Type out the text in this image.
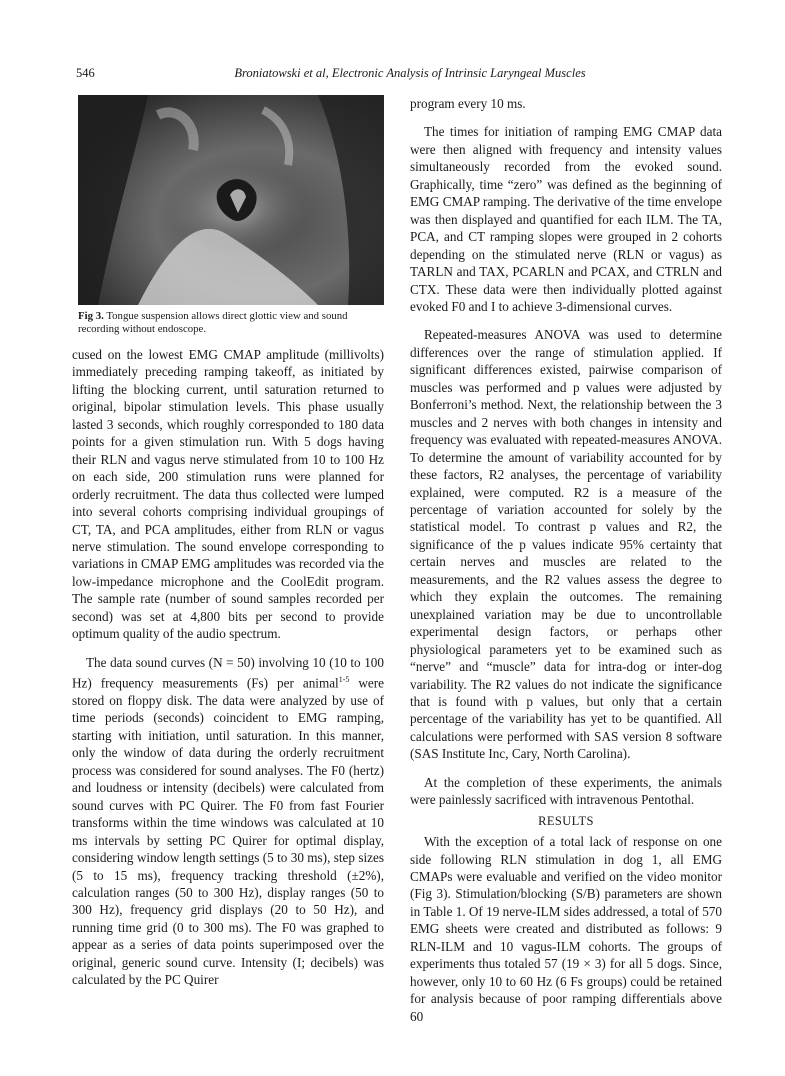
546	Broniatowski et al, Electronic Analysis of Intrinsic Laryngeal Muscles

Fig 3. Tongue suspension allows direct glottic view and sound recording without endoscope.

cused on the lowest EMG CMAP amplitude (millivolts) immediately preceding ramping takeoff, as initiated by lifting the blocking current, until saturation returned to original, bipolar stimulation levels. This phase usually lasted 3 seconds, which roughly corresponded to 180 data points for a given stimulation run. With 5 dogs having their RLN and vagus nerve stimulated from 10 to 100 Hz on each side, 200 stimulation runs were planned for orderly recruitment. The data thus collected were lumped into several cohorts comprising individual groupings of CT, TA, and PCA amplitudes, either from RLN or vagus nerve stimulation. The sound envelope corresponding to variations in CMAP EMG amplitudes was recorded via the low-impedance microphone and the CoolEdit program. The sample rate (number of sound samples recorded per second) was set at 4,800 bits per second to provide optimum quality of the audio spectrum.

The data sound curves (N = 50) involving 10 (10 to 100 Hz) frequency measurements (Fs) per animal$^{1-5}$ were stored on floppy disk. The data were analyzed by use of time periods (seconds) coincident to EMG ramping, starting with initiation, until saturation. In this manner, only the window of data during the orderly recruitment process was considered for sound analyses. The F0 (hertz) and loudness or intensity (decibels) were calculated from sound curves with PC Quirer. The F0 from fast Fourier transforms within the time windows was calculated at 10 ms intervals by setting PC Quirer for optimal display, considering window length settings (5 to 30 ms), step sizes (5 to 15 ms), frequency tracking threshold (±2%), calculation ranges (50 to 300 Hz), display ranges (50 to 300 Hz), frequency grid displays (20 to 50 Hz), and running time grid (0 to 300 ms). The F0 was graphed to appear as a series of data points superimposed over the original, generic sound curve. Intensity (I; decibels) was calculated by the PC Quirer

program every 10 ms.

The times for initiation of ramping EMG CMAP data were then aligned with frequency and intensity values simultaneously recorded from the evoked sound. Graphically, time “zero” was defined as the beginning of EMG CMAP ramping. The derivative of the time envelope was then displayed and quantified for each ILM. The TA, PCA, and CT ramping slopes were grouped in 2 cohorts depending on the stimulated nerve (RLN or vagus) as TARLN and TAX, PCARLN and PCAX, and CTRLN and CTX. These data were then individually plotted against evoked F0 and I to achieve 3-dimensional curves.

Repeated-measures ANOVA was used to determine differences over the range of stimulation applied. If significant differences existed, pairwise comparison of muscles was performed and p values were adjusted by Bonferroni’s method. Next, the relationship between the 3 muscles and 2 nerves with both changes in intensity and frequency was evaluated with repeated-measures ANOVA. To determine the amount of variability accounted for by these factors, R2 analyses, the percentage of variability explained, were computed. R2 is a measure of the percentage of variation accounted for solely by the statistical model. To contrast p values and R2, the significance of the p values indicate 95% certainty that certain nerves and muscles are related to the measurements, and the R2 values assess the degree to which they explain the outcomes. The remaining unexplained variation may be due to uncontrollable experimental design factors, or perhaps other physiological parameters yet to be examined such as “nerve” and “muscle” data for intra-dog or inter-dog variability. The R2 values do not indicate the significance that is found with p values, but only that a certain percentage of the variability has yet to be quantified. All calculations were performed with SAS version 8 software (SAS Institute Inc, Cary, North Carolina).

At the completion of these experiments, the animals were painlessly sacrificed with intravenous Pentothal.

RESULTS

With the exception of a total lack of response on one side following RLN stimulation in dog 1, all EMG CMAPs were evaluable and verified on the video monitor (Fig 3). Stimulation/blocking (S/B) parameters are shown in Table 1. Of 19 nerve-ILM sides addressed, a total of 570 EMG sheets were created and distributed as follows: 9 RLN-ILM and 10 vagus-ILM cohorts. The groups of experiments thus totaled 57 (19 × 3) for all 5 dogs. Since, however, only 10 to 60 Hz (6 Fs groups) could be retained for analysis because of poor ramping differentials above 60
